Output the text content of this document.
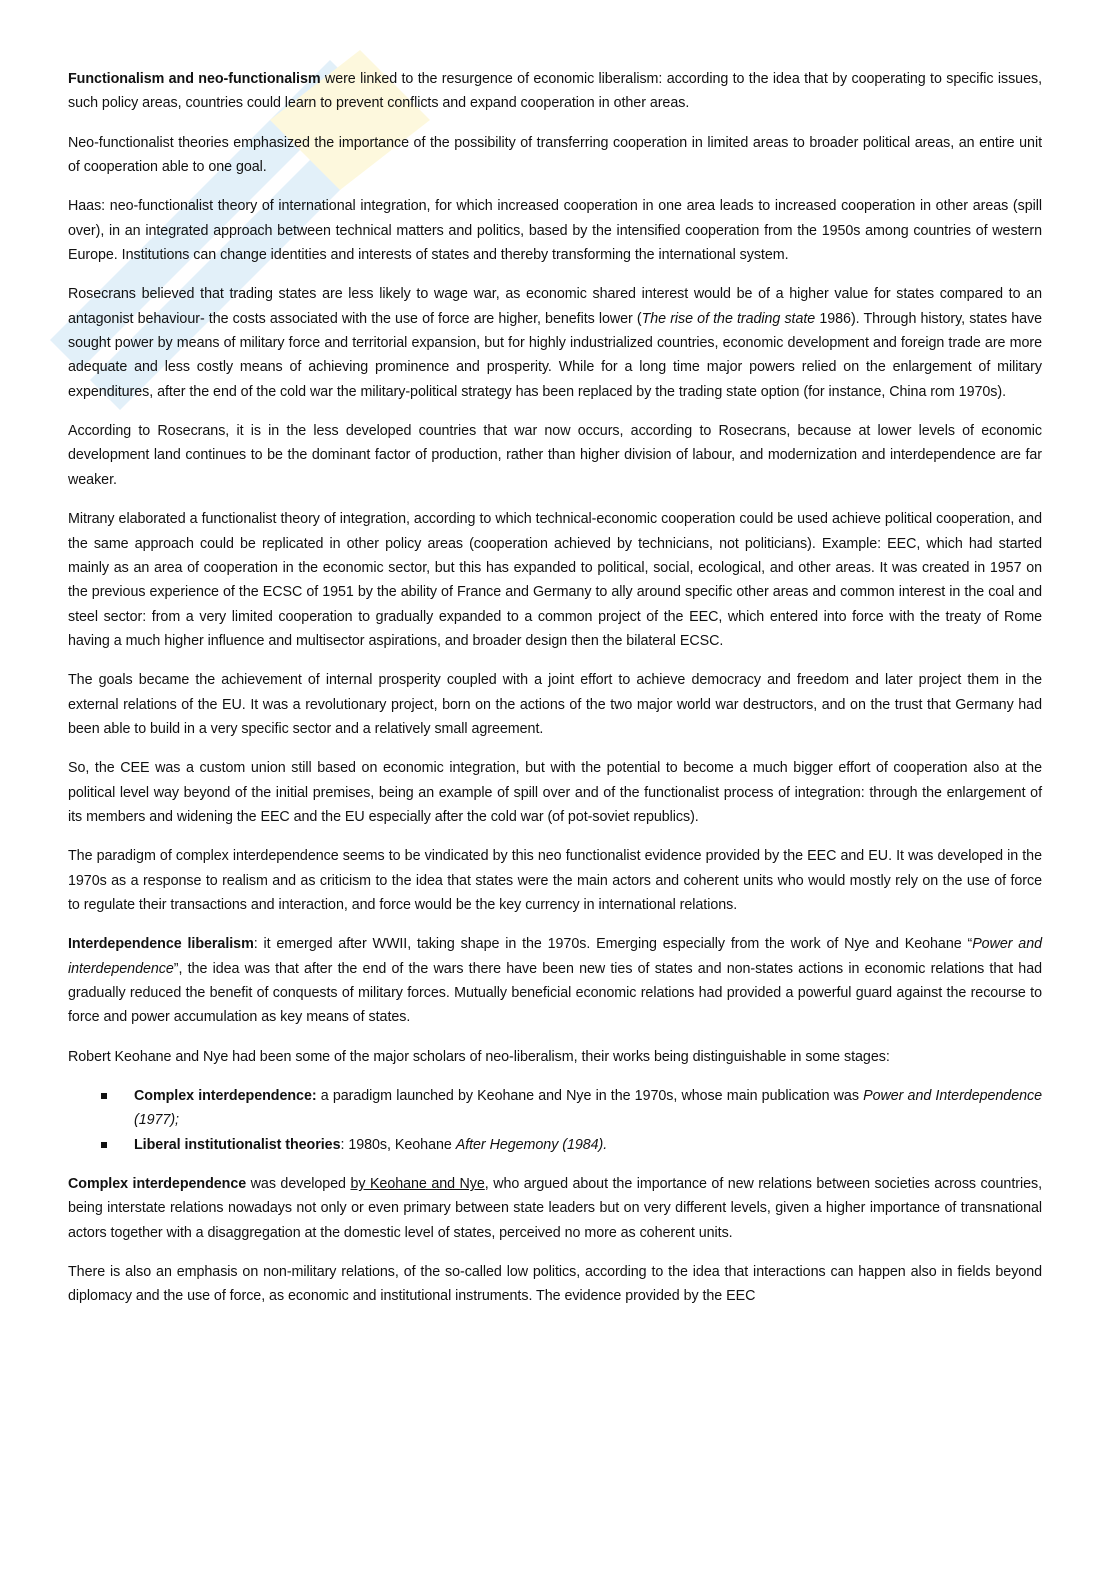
Functionalism and neo-functionalism were linked to the resurgence of economic liberalism: according to the idea that by cooperating to specific issues, such policy areas, countries could learn to prevent conflicts and expand cooperation in other areas.

Neo-functionalist theories emphasized the importance of the possibility of transferring cooperation in limited areas to broader political areas, an entire unit of cooperation able to one goal.

Haas: neo-functionalist theory of international integration, for which increased cooperation in one area leads to increased cooperation in other areas (spill over), in an integrated approach between technical matters and politics, based by the intensified cooperation from the 1950s among countries of western Europe. Institutions can change identities and interests of states and thereby transforming the international system.

Rosecrans believed that trading states are less likely to wage war, as economic shared interest would be of a higher value for states compared to an antagonist behaviour- the costs associated with the use of force are higher, benefits lower (The rise of the trading state 1986). Through history, states have sought power by means of military force and territorial expansion, but for highly industrialized countries, economic development and foreign trade are more adequate and less costly means of achieving prominence and prosperity. While for a long time major powers relied on the enlargement of military expenditures, after the end of the cold war the military-political strategy has been replaced by the trading state option (for instance, China rom 1970s).

According to Rosecrans, it is in the less developed countries that war now occurs, according to Rosecrans, because at lower levels of economic development land continues to be the dominant factor of production, rather than higher division of labour, and modernization and interdependence are far weaker.

Mitrany elaborated a functionalist theory of integration, according to which technical-economic cooperation could be used achieve political cooperation, and the same approach could be replicated in other policy areas (cooperation achieved by technicians, not politicians). Example: EEC, which had started mainly as an area of cooperation in the economic sector, but this has expanded to political, social, ecological, and other areas. It was created in 1957 on the previous experience of the ECSC of 1951 by the ability of France and Germany to ally around specific other areas and common interest in the coal and steel sector: from a very limited cooperation to gradually expanded to a common project of the EEC, which entered into force with the treaty of Rome having a much higher influence and multisector aspirations, and broader design then the bilateral ECSC.

The goals became the achievement of internal prosperity coupled with a joint effort to achieve democracy and freedom and later project them in the external relations of the EU. It was a revolutionary project, born on the actions of the two major world war destructors, and on the trust that Germany had been able to build in a very specific sector and a relatively small agreement.

So, the CEE was a custom union still based on economic integration, but with the potential to become a much bigger effort of cooperation also at the political level way beyond of the initial premises, being an example of spill over and of the functionalist process of integration: through the enlargement of its members and widening the EEC and the EU especially after the cold war (of pot-soviet republics).

The paradigm of complex interdependence seems to be vindicated by this neo functionalist evidence provided by the EEC and EU. It was developed in the 1970s as a response to realism and as criticism to the idea that states were the main actors and coherent units who would mostly rely on the use of force to regulate their transactions and interaction, and force would be the key currency in international relations.

Interdependence liberalism: it emerged after WWII, taking shape in the 1970s. Emerging especially from the work of Nye and Keohane “Power and interdependence”, the idea was that after the end of the wars there have been new ties of states and non-states actions in economic relations that had gradually reduced the benefit of conquests of military forces. Mutually beneficial economic relations had provided a powerful guard against the recourse to force and power accumulation as key means of states.

Robert Keohane and Nye had been some of the major scholars of neo-liberalism, their works being distinguishable in some stages:

Complex interdependence: a paradigm launched by Keohane and Nye in the 1970s, whose main publication was Power and Interdependence (1977);
Liberal institutionalist theories: 1980s, Keohane After Hegemony (1984).

Complex interdependence was developed by Keohane and Nye, who argued about the importance of new relations between societies across countries, being interstate relations nowadays not only or even primary between state leaders but on very different levels, given a higher importance of transnational actors together with a disaggregation at the domestic level of states, perceived no more as coherent units.

There is also an emphasis on non-military relations, of the so-called low politics, according to the idea that interactions can happen also in fields beyond diplomacy and the use of force, as economic and institutional instruments. The evidence provided by the EEC
